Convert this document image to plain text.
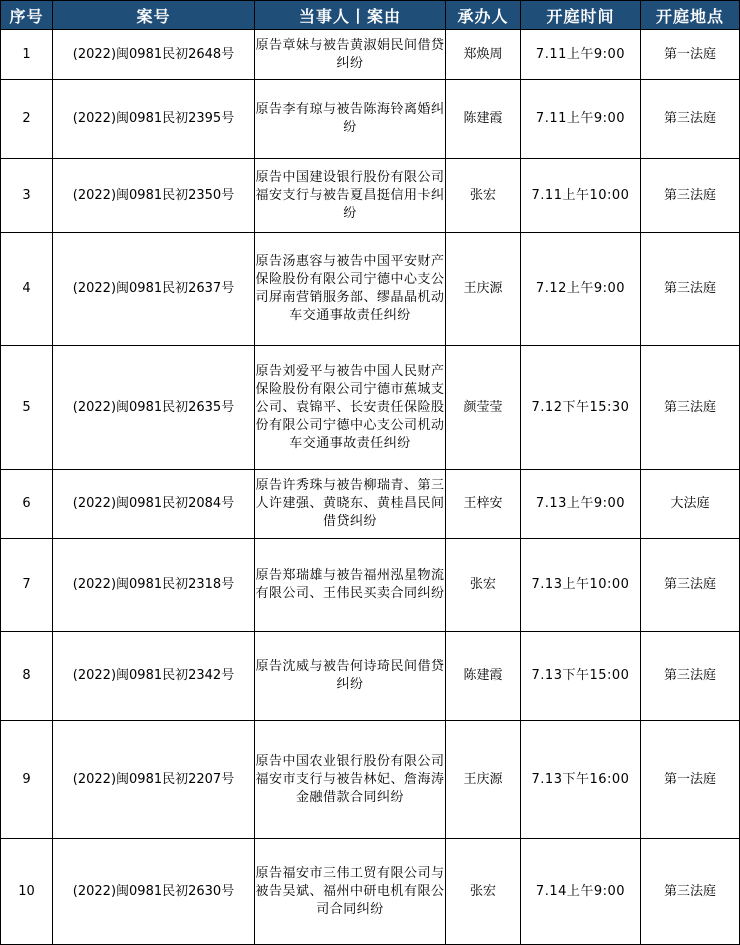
序号	案号	当事人丨案由	承办人	开庭时间	开庭地点
1	(2022)闽0981民初2648号	原告章妹与被告黄淑娟民间借贷纠纷	郑焕周	7.11上午9:00	第一法庭
2	(2022)闽0981民初2395号	原告李有琼与被告陈海铃离婚纠纷	陈建霞	7.11上午9:00	第三法庭
3	(2022)闽0981民初2350号	原告中国建设银行股份有限公司福安支行与被告夏昌挺信用卡纠纷	张宏	7.11上午10:00	第三法庭
4	(2022)闽0981民初2637号	原告汤惠容与被告中国平安财产保险股份有限公司宁德中心支公司屏南营销服务部、缪晶晶机动车交通事故责任纠纷	王庆源	7.12上午9:00	第三法庭
5	(2022)闽0981民初2635号	原告刘爱平与被告中国人民财产保险股份有限公司宁德市蕉城支公司、袁锦平、长安责任保险股份有限公司宁德中心支公司机动车交通事故责任纠纷	颜莹莹	7.12下午15:30	第三法庭
6	(2022)闽0981民初2084号	原告许秀珠与被告柳瑞青、第三人许建强、黄晓东、黄桂昌民间借贷纠纷	王梓安	7.13上午9:00	大法庭
7	(2022)闽0981民初2318号	原告郑瑞雄与被告福州泓星物流有限公司、王伟民买卖合同纠纷	张宏	7.13上午10:00	第三法庭
8	(2022)闽0981民初2342号	原告沈威与被告何诗琦民间借贷纠纷	陈建霞	7.13下午15:00	第三法庭
9	(2022)闽0981民初2207号	原告中国农业银行股份有限公司福安市支行与被告林妃、詹海涛金融借款合同纠纷	王庆源	7.13下午16:00	第一法庭
10	(2022)闽0981民初2630号	原告福安市三伟工贸有限公司与被告吴斌、福州中研电机有限公司合同纠纷	张宏	7.14上午9:00	第三法庭
